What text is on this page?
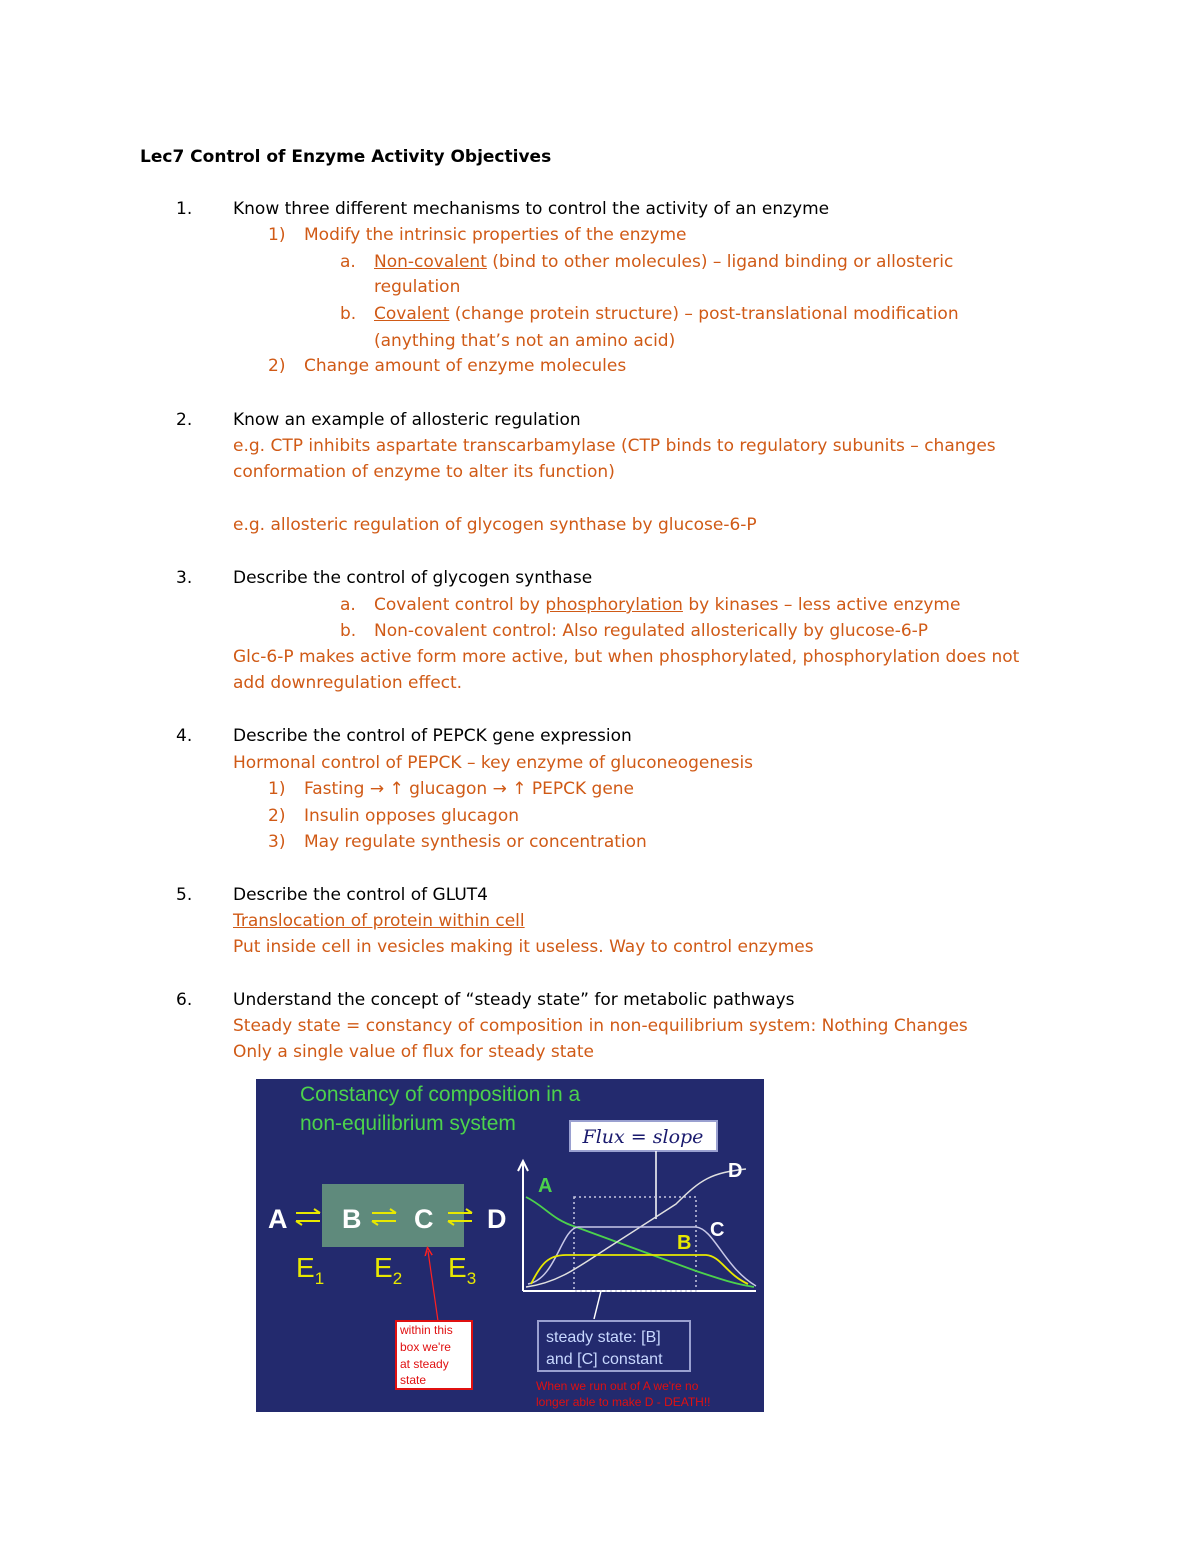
Lec7 Control of Enzyme Activity Objectives
1. Know three different mechanisms to control the activity of an enzyme
1) Modify the intrinsic properties of the enzyme
a. Non-covalent (bind to other molecules) – ligand binding or allosteric
regulation
b. Covalent (change protein structure) – post-translational modification
(anything that’s not an amino acid)
2) Change amount of enzyme molecules
2. Know an example of allosteric regulation
e.g. CTP inhibits aspartate transcarbamylase (CTP binds to regulatory subunits – changes
conformation of enzyme to alter its function)
e.g. allosteric regulation of glycogen synthase by glucose-6-P
3. Describe the control of glycogen synthase
a. Covalent control by phosphorylation by kinases – less active enzyme
b. Non-covalent control: Also regulated allosterically by glucose-6-P
Glc-6-P makes active form more active, but when phosphorylated, phosphorylation does not
add downregulation effect.
4. Describe the control of PEPCK gene expression
Hormonal control of PEPCK – key enzyme of gluconeogenesis
1) Fasting → ↑ glucagon → ↑ PEPCK gene
2) Insulin opposes glucagon
3) May regulate synthesis or concentration
5. Describe the control of GLUT4
Translocation of protein within cell
Put inside cell in vesicles making it useless. Way to control enzymes
6. Understand the concept of “steady state” for metabolic pathways
Steady state = constancy of composition in non-equilibrium system: Nothing Changes
Only a single value of flux for steady state
Constancy of composition in a
non-equilibrium system
Flux = slope
A B C D
$E_1$ $E_2$ $E_3$
within this
box we're
at steady
state
A
D
C
B
steady state: [B]
and [C] constant
When we run out of A we're no
longer able to make D - DEATH!!
